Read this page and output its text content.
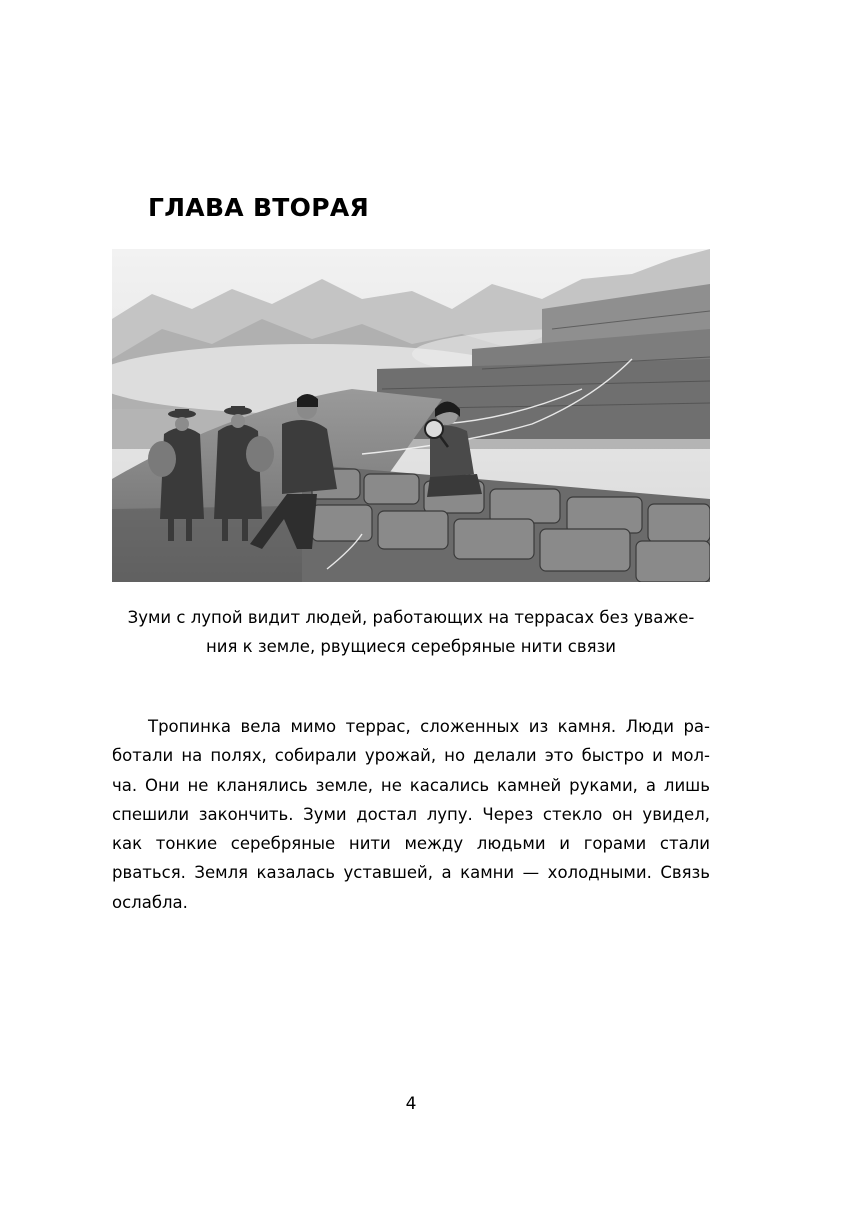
ГЛАВА ВТОРАЯ

Зуми с лупой видит людей, работающих на террасах без уваже-
ния к земле, рвущиеся серебряные нити связи

Тропинка вела мимо террас, сложенных из камня. Люди ра-
ботали на полях, собирали урожай, но делали это быстро и мол-
ча. Они не кланялись земле, не касались камней руками, а лишь
спешили закончить. Зуми достал лупу. Через стекло он увидел,
как тонкие серебряные нити между людьми и горами стали
рваться. Земля казалась уставшей, а камни — холодными. Связь
ослабла.

4
